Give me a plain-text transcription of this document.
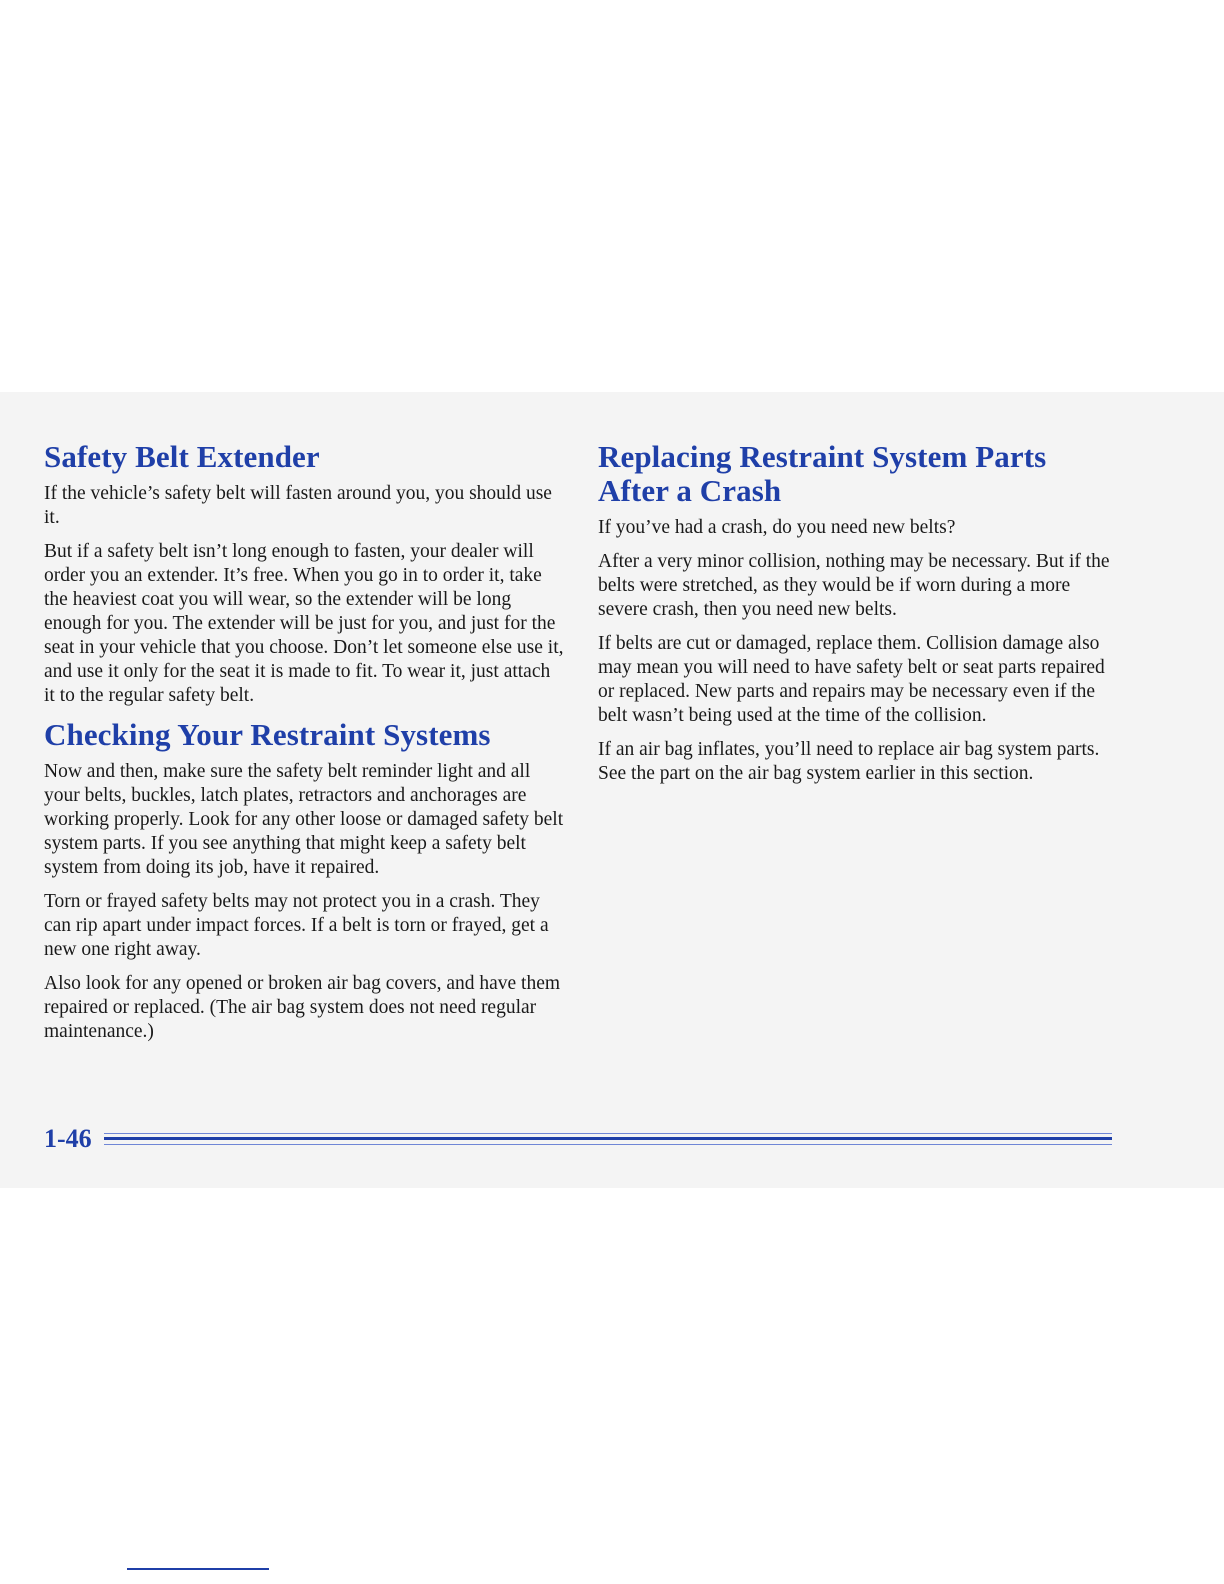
Safety Belt Extender

If the vehicle’s safety belt will fasten around you, you should use it.

But if a safety belt isn’t long enough to fasten, your dealer will order you an extender. It’s free. When you go in to order it, take the heaviest coat you will wear, so the extender will be long enough for you. The extender will be just for you, and just for the seat in your vehicle that you choose. Don’t let someone else use it, and use it only for the seat it is made to fit. To wear it, just attach it to the regular safety belt.

Checking Your Restraint Systems

Now and then, make sure the safety belt reminder light and all your belts, buckles, latch plates, retractors and anchorages are working properly. Look for any other loose or damaged safety belt system parts. If you see anything that might keep a safety belt system from doing its job, have it repaired.

Torn or frayed safety belts may not protect you in a crash. They can rip apart under impact forces. If a belt is torn or frayed, get a new one right away.

Also look for any opened or broken air bag covers, and have them repaired or replaced. (The air bag system does not need regular maintenance.)

Replacing Restraint System Parts
After a Crash

If you’ve had a crash, do you need new belts?

After a very minor collision, nothing may be necessary. But if the belts were stretched, as they would be if worn during a more severe crash, then you need new belts.

If belts are cut or damaged, replace them. Collision damage also may mean you will need to have safety belt or seat parts repaired or replaced. New parts and repairs may be necessary even if the belt wasn’t being used at the time of the collision.

If an air bag inflates, you’ll need to replace air bag system parts. See the part on the air bag system earlier in this section.

1-46
